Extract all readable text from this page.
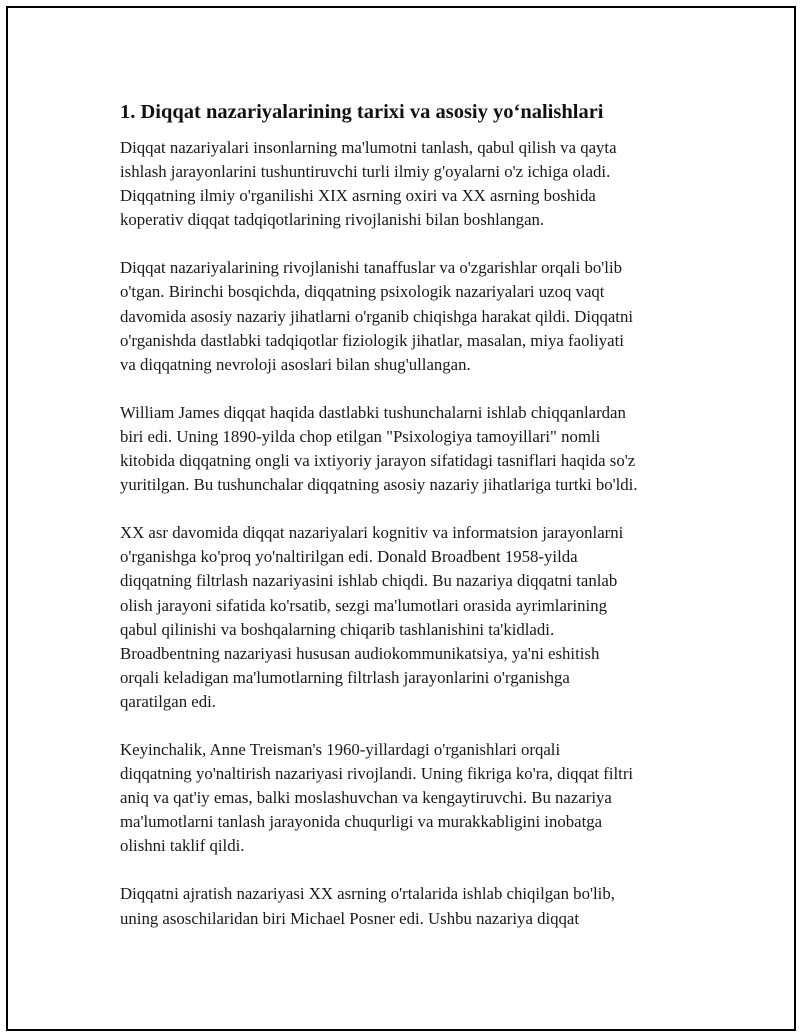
1. Diqqat nazariyalarining tarixi va asosiy yo‘nalishlari

Diqqat nazariyalari insonlarning ma'lumotni tanlash, qabul qilish va qayta
ishlash jarayonlarini tushuntiruvchi turli ilmiy g'oyalarni o'z ichiga oladi.
Diqqatning ilmiy o'rganilishi XIX asrning oxiri va XX asrning boshida
koperativ diqqat tadqiqotlarining rivojlanishi bilan boshlangan.

Diqqat nazariyalarining rivojlanishi tanaffuslar va o'zgarishlar orqali bo'lib
o'tgan. Birinchi bosqichda, diqqatning psixologik nazariyalari uzoq vaqt
davomida asosiy nazariy jihatlarni o'rganib chiqishga harakat qildi. Diqqatni
o'rganishda dastlabki tadqiqotlar fiziologik jihatlar, masalan, miya faoliyati
va diqqatning nevroloji asoslari bilan shug'ullangan.

William James diqqat haqida dastlabki tushunchalarni ishlab chiqqanlardan
biri edi. Uning 1890-yilda chop etilgan "Psixologiya tamoyillari" nomli
kitobida diqqatning ongli va ixtiyoriy jarayon sifatidagi tasniflari haqida so'z
yuritilgan. Bu tushunchalar diqqatning asosiy nazariy jihatlariga turtki bo'ldi.

XX asr davomida diqqat nazariyalari kognitiv va informatsion jarayonlarni
o'rganishga ko'proq yo'naltirilgan edi. Donald Broadbent 1958-yilda
diqqatning filtrlash nazariyasini ishlab chiqdi. Bu nazariya diqqatni tanlab
olish jarayoni sifatida ko'rsatib, sezgi ma'lumotlari orasida ayrimlarining
qabul qilinishi va boshqalarning chiqarib tashlanishini ta'kidladi.
Broadbentning nazariyasi hususan audiokommunikatsiya, ya'ni eshitish
orqali keladigan ma'lumotlarning filtrlash jarayonlarini o'rganishga
qaratilgan edi.

Keyinchalik, Anne Treisman's 1960-yillardagi o'rganishlari orqali
diqqatning yo'naltirish nazariyasi rivojlandi. Uning fikriga ko'ra, diqqat filtri
aniq va qat'iy emas, balki moslashuvchan va kengaytiruvchi. Bu nazariya
ma'lumotlarni tanlash jarayonida chuqurligi va murakkabligini inobatga
olishni taklif qildi.

Diqqatni ajratish nazariyasi XX asrning o'rtalarida ishlab chiqilgan bo'lib,
uning asoschilaridan biri Michael Posner edi. Ushbu nazariya diqqat
